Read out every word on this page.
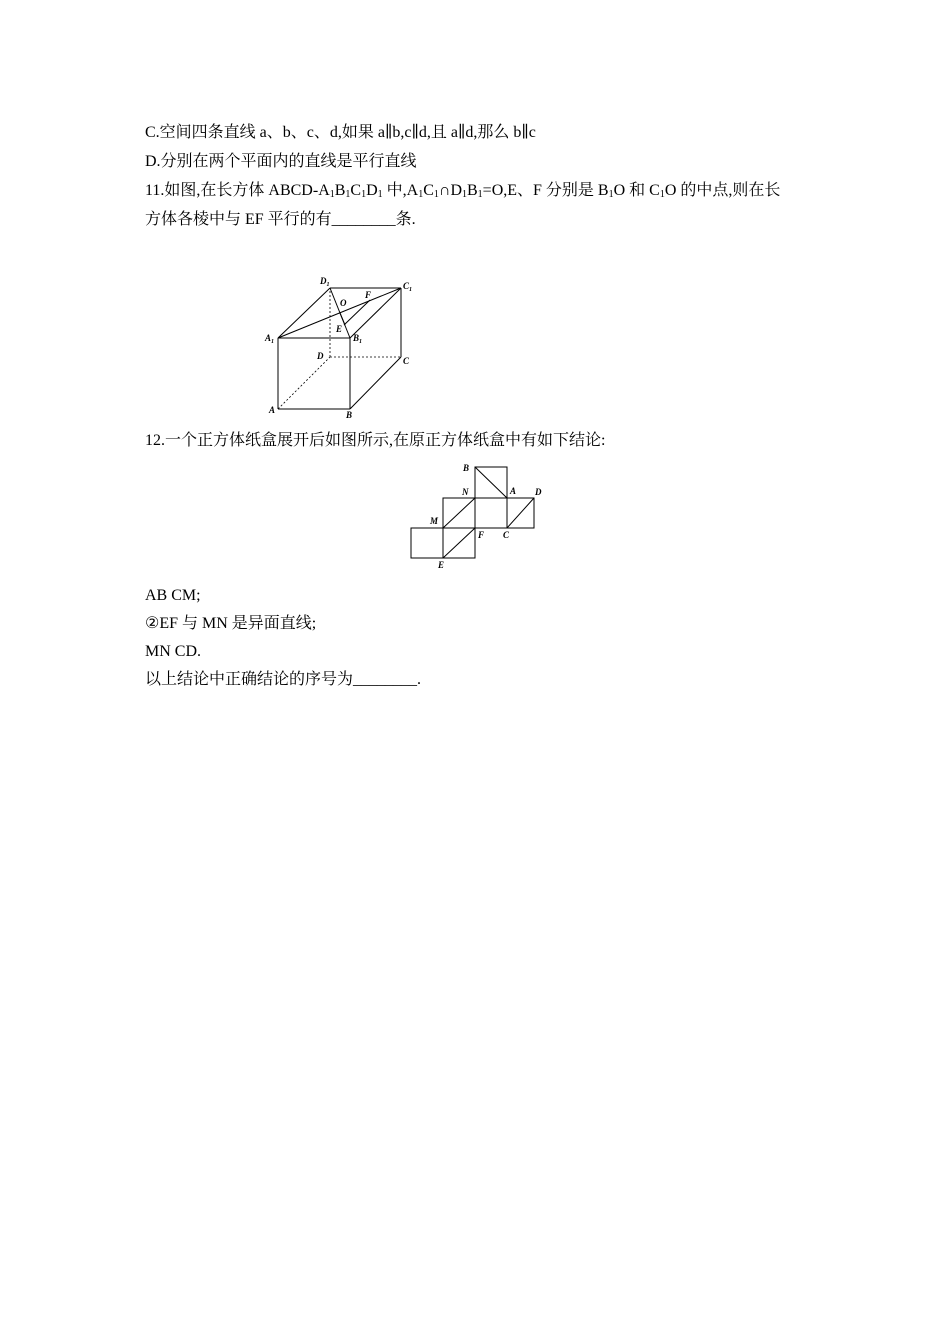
C.空间四条直线 a、b、c、d,如果 a∥b,c∥d,且 a∥d,那么 b∥c
D.分别在两个平面内的直线是平行直线
11.如图,在长方体 ABCD-$A_1B_1C_1D_1$ 中$,A_1C_1\cap D_1B_1=O,E$、F 分别是 $B_1O$ 和 $C_1O$ 的中点,则在长
方体各棱中与 EF 平行的有________条.
$D_1$	$C_1$
O
F
E
$A_1$	$B_1$
D	C
A	B
12.一个正方体纸盒展开后如图所示,在原正方体纸盒中有如下结论:
B
N	A D
M
F C
E
AB CM;
②EF 与 MN 是异面直线;
MN CD.
以上结论中正确结论的序号为________.
